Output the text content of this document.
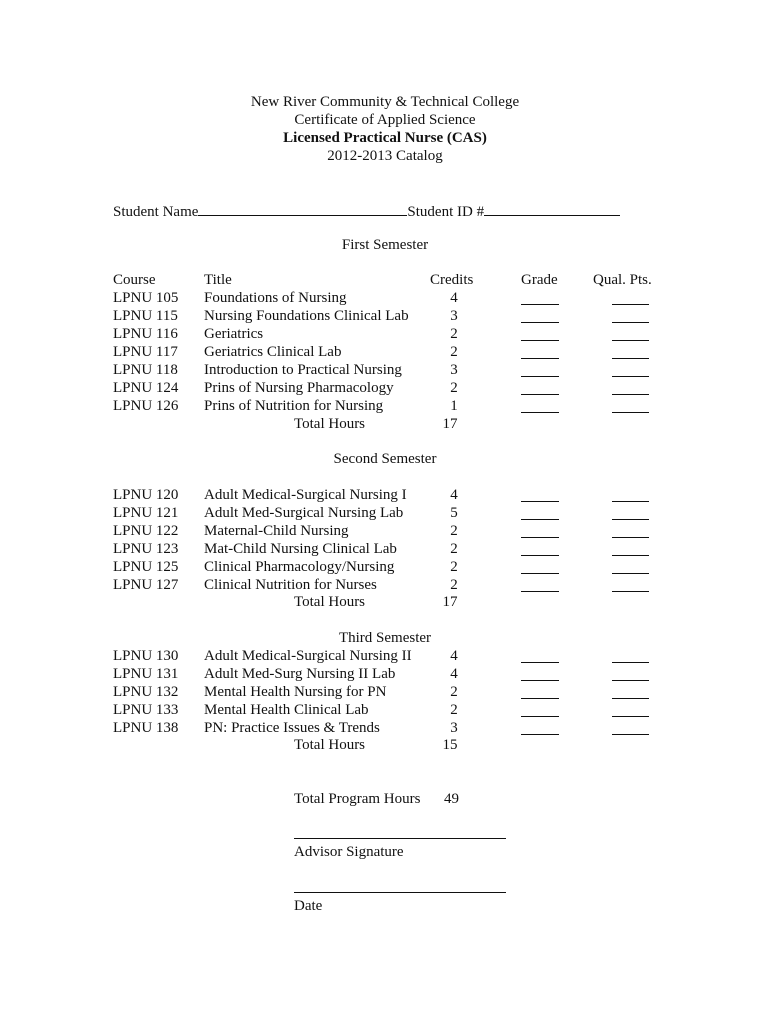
New River Community & Technical College
Certificate of Applied Science
Licensed Practical Nurse (CAS)
2012-2013 Catalog
Student Name	Student ID #
First Semester
Course	Title	Credits	Grade Qual. Pts.
LPNU 105 Foundations of Nursing	4
LPNU 115 Nursing Foundations Clinical Lab	3
LPNU 116 Geriatrics	2
LPNU 117 Geriatrics Clinical Lab	2
LPNU 118 Introduction to Practical Nursing	3
LPNU 124 Prins of Nursing Pharmacology	2
LPNU 126 Prins of Nutrition for Nursing	1
Total Hours	17
Second Semester
LPNU 120 Adult Medical-Surgical Nursing I	4
LPNU 121 Adult Med-Surgical Nursing Lab	5
LPNU 122 Maternal-Child Nursing	2
LPNU 123 Mat-Child Nursing Clinical Lab	2
LPNU 125 Clinical Pharmacology/Nursing	2
LPNU 127 Clinical Nutrition for Nurses	2
Total Hours	17
Third Semester
LPNU 130 Adult Medical-Surgical Nursing II	4
LPNU 131 Adult Med-Surg Nursing II Lab	4
LPNU 132 Mental Health Nursing for PN	2
LPNU 133 Mental Health Clinical Lab	2
LPNU 138 PN: Practice Issues & Trends	3
Total Hours	15
Total Program Hours 49
Advisor Signature
Date
